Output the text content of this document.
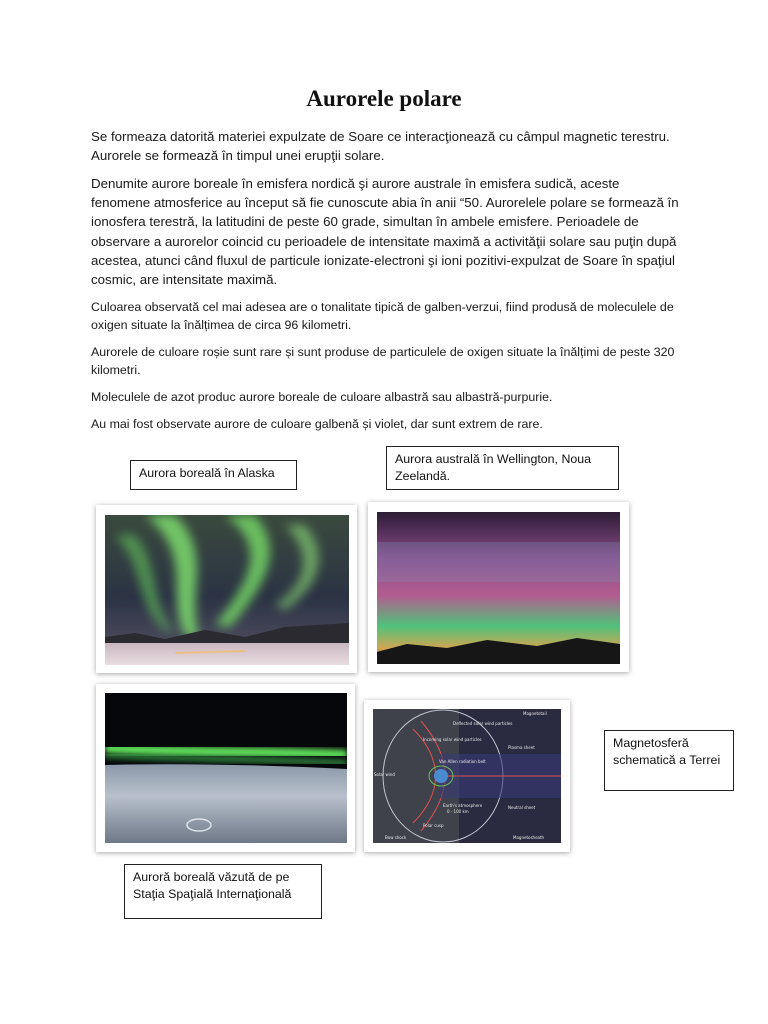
Aurorele polare

Se formeaza datorită materiei expulzate de Soare ce interacţionează cu câmpul magnetic terestru. Aurorele se formează în timpul unei erupţii solare.

Denumite aurore boreale în emisfera nordică şi aurore australe în emisfera sudică, aceste fenomene atmosferice au început să fie cunoscute abia în anii “50. Aurorelele polare se formează în ionosfera terestră, la latitudini de peste 60 grade, simultan în ambele emisfere. Perioadele de observare a aurorelor coincid cu perioadele de intensitate maximă a activităţii solare sau puţin după acestea, atunci când fluxul de particule ionizate-electroni şi ioni pozitivi-expulzat de Soare în spaţiul cosmic, are intensitate maximă.

Culoarea observată cel mai adesea are o tonalitate tipică de galben-verzui, fiind produsă de moleculele de oxigen situate la înălțimea de circa 96 kilometri.

Aurorele de culoare roșie sunt rare și sunt produse de particulele de oxigen situate la înălțimi de peste 320 kilometri.

Moleculele de azot produc aurore boreale de culoare albastră sau albastră-purpurie.

Au mai fost observate aurore de culoare galbenă și violet, dar sunt extrem de rare.

Aurora boreală în Alaska
Aurora australă în Wellington, Noua Zeelandă.
Magnetosferă schematică a Terrei
Auroră boreală văzută de pe Staţia Spaţială Internaţională
Magnetotail
Deflected solar wind particles
Incoming solar wind particles
Plasma sheet
Van Allen radiation belt
Solar wind
Earth's atmosphere
0 - 100 km
Neutral sheet
Polar cusp
Bow shock	Magnetosheath
